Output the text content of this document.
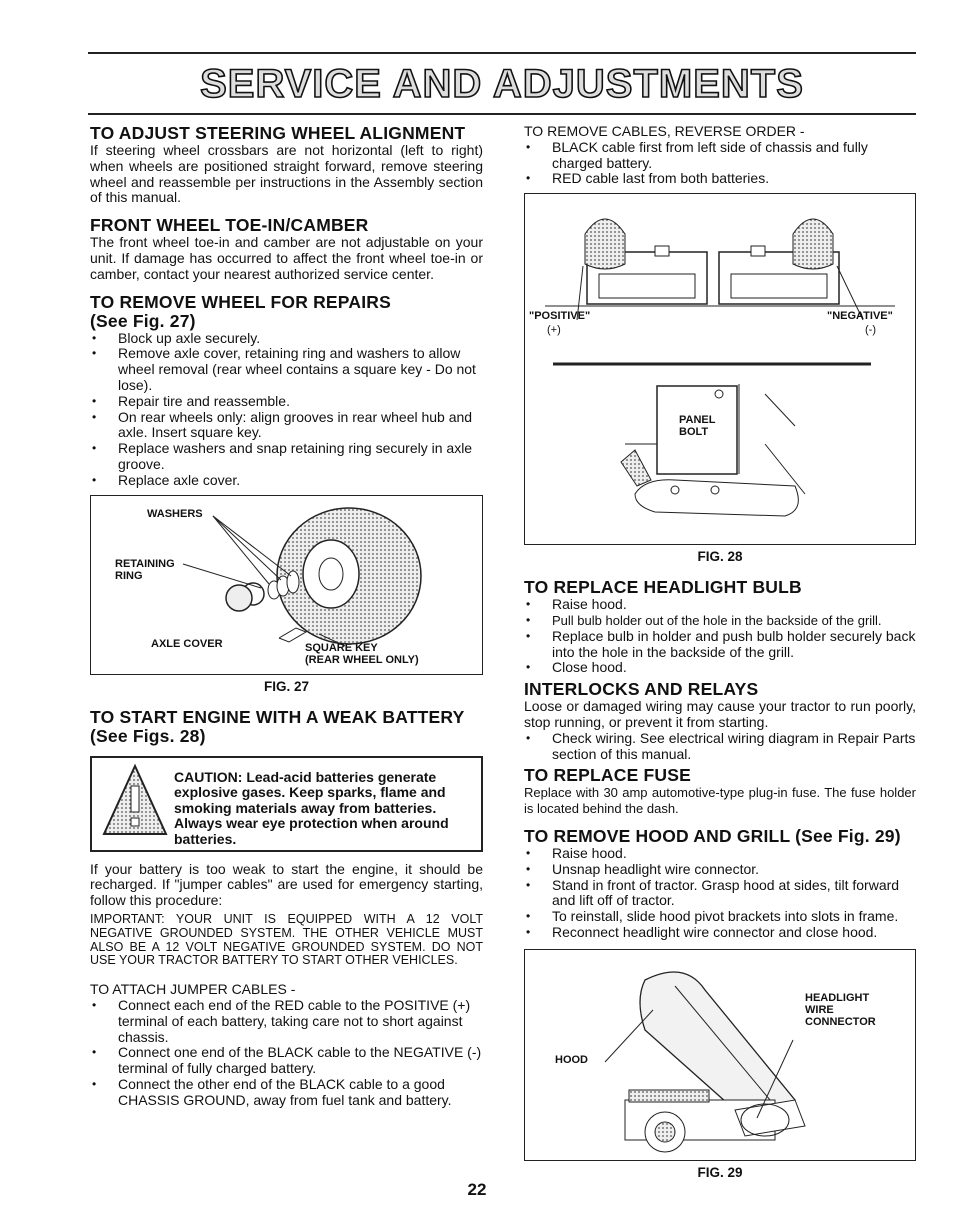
SERVICE AND ADJUSTMENTS
TO ADJUST STEERING WHEEL ALIGNMENT

If steering wheel crossbars are not horizontal (left to right) when wheels are positioned straight forward, remove steering wheel and reassemble per instructions in the Assembly section of this manual.

FRONT WHEEL TOE-IN/CAMBER

The front wheel toe-in and camber are not adjustable on your unit. If damage has occurred to affect the front wheel toe-in or camber, contact your nearest authorized service center.

TO REMOVE WHEEL FOR REPAIRS
(See Fig. 27)
• Block up axle securely.
• Remove axle cover, retaining ring and washers to allow wheel removal (rear wheel contains a square key - Do not lose).
• Repair tire and reassemble.
• On rear wheels only: align grooves in rear wheel hub and axle. Insert square key.
• Replace washers and snap retaining ring securely in axle groove.
• Replace axle cover.
WASHERS
RETAINING
RING
AXLE COVER	SQUARE KEY
(REAR WHEEL ONLY)
FIG. 27
TO START ENGINE WITH A WEAK BATTERY
(See Figs. 28)
CAUTION: Lead-acid batteries generate explosive gases. Keep sparks, flame and smoking materials away from batteries. Always wear eye protection when around batteries.

If your battery is too weak to start the engine, it should be recharged. If "jumper cables" are used for emergency starting, follow this procedure:

IMPORTANT: YOUR UNIT IS EQUIPPED WITH A 12 VOLT NEGATIVE GROUNDED SYSTEM. THE OTHER VEHICLE MUST ALSO BE A 12 VOLT NEGATIVE GROUNDED SYSTEM. DO NOT USE YOUR TRACTOR BATTERY TO START OTHER VEHICLES.

TO ATTACH JUMPER CABLES -

• Connect each end of the RED cable to the POSITIVE (+) terminal of each battery, taking care not to short against chassis.
• Connect one end of the BLACK cable to the NEGATIVE (-) terminal of fully charged battery.
• Connect the other end of the BLACK cable to a good CHASSIS GROUND, away from fuel tank and battery.

TO REMOVE CABLES, REVERSE ORDER -

• BLACK cable first from left side of chassis and fully charged battery.
• RED cable last from both batteries.
"POSITIVE"
(+)
"NEGATIVE"
(-)
PANEL
BOLT
FIG. 28
TO REPLACE HEADLIGHT BULB
• Raise hood.
• Pull bulb holder out of the hole in the backside of the grill.
• Replace bulb in holder and push bulb holder securely back into the hole in the backside of the grill.
• Close hood.
INTERLOCKS AND RELAYS

Loose or damaged wiring may cause your tractor to run poorly, stop running, or prevent it from starting.

• Check wiring. See electrical wiring diagram in Repair Parts section of this manual.
TO REPLACE FUSE

Replace with 30 amp automotive-type plug-in fuse. The fuse holder is located behind the dash.

TO REMOVE HOOD AND GRILL (See Fig. 29)
• Raise hood.
• Unsnap headlight wire connector.
• Stand in front of tractor. Grasp hood at sides, tilt forward and lift off of tractor.
• To reinstall, slide hood pivot brackets into slots in frame.
• Reconnect headlight wire connector and close hood.
HEADLIGHT
WIRE
CONNECTOR
HOOD
FIG. 29
22
